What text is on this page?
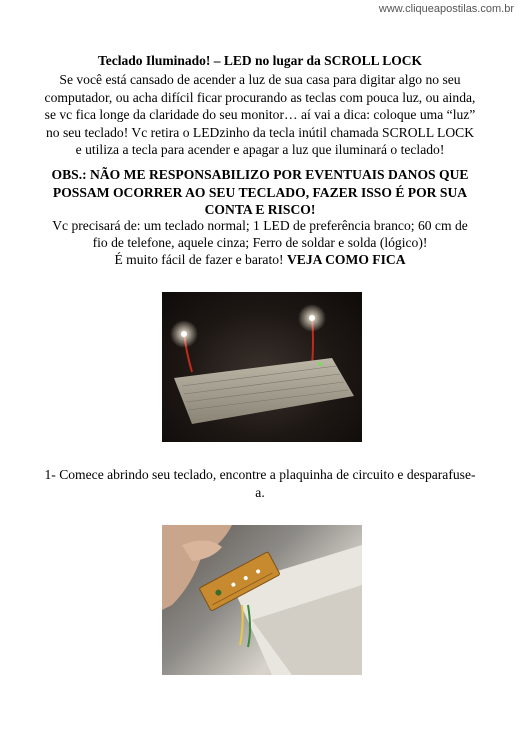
www.cliqueapostilas.com.br
Teclado Iluminado! – LED no lugar da SCROLL LOCK
Se você está cansado de acender a luz de sua casa para digitar algo no seu computador, ou acha difícil ficar procurando as teclas com pouca luz, ou ainda, se vc fica longe da claridade do seu monitor… aí vai a dica: coloque uma “luz” no seu teclado! Vc retira o LEDzinho da tecla inútil chamada SCROLL LOCK e utiliza a tecla para acender e apagar a luz que iluminará o teclado!
OBS.: NÃO ME RESPONSABILIZO POR EVENTUAIS DANOS QUE POSSAM OCORRER AO SEU TECLADO, FAZER ISSO É POR SUA CONTA E RISCO!
Vc precisará de: um teclado normal; 1 LED de preferência branco; 60 cm de fio de telefone, aquele cinza; Ferro de soldar e solda (lógico)!
É muito fácil de fazer e barato! VEJA COMO FICA
1- Comece abrindo seu teclado, encontre a plaquinha de circuito e desparafuse-a.
